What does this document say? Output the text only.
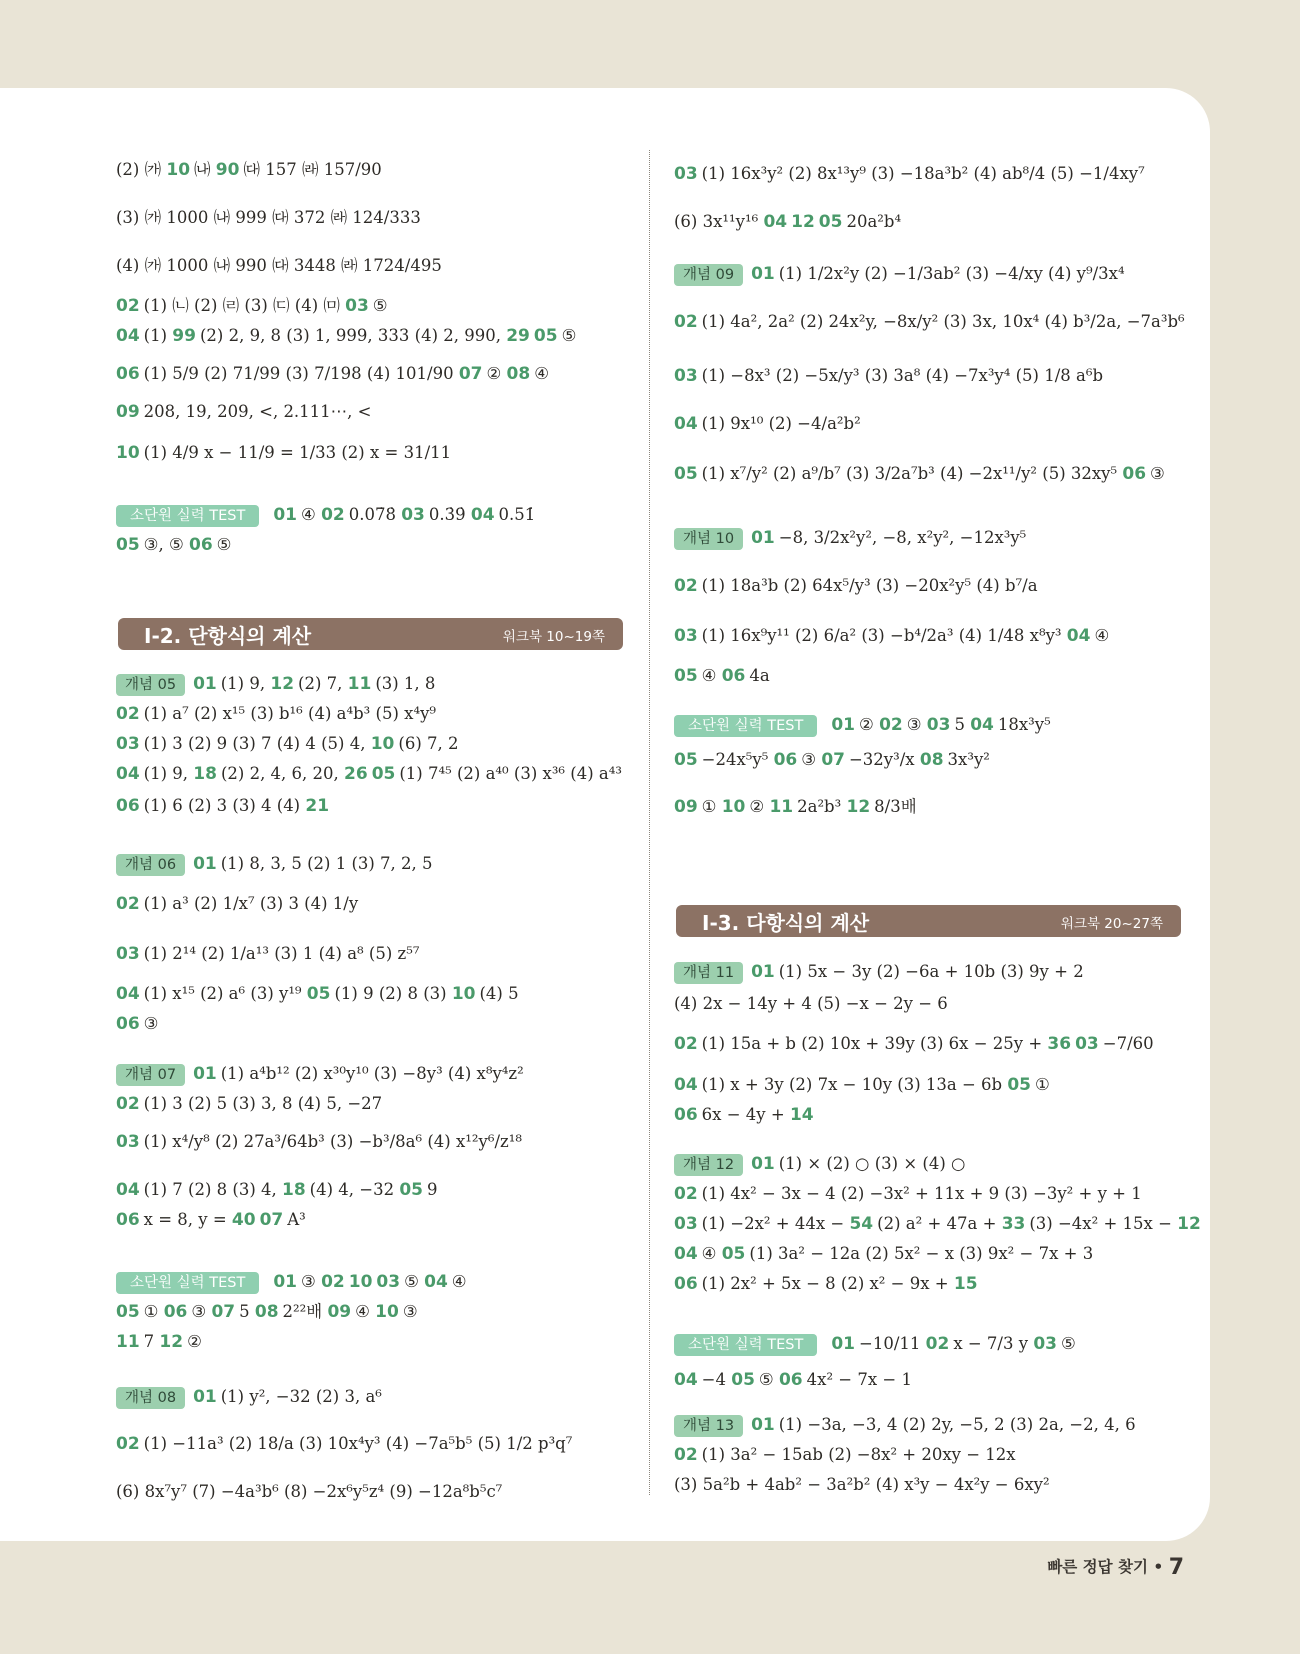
(2) ㈎ 10 ㈏ 90 ㈐ 157 ㈑ 157/90
(3) ㈎ 1000 ㈏ 999 ㈐ 372 ㈑ 124/333
(4) ㈎ 1000 ㈏ 990 ㈐ 3448 ㈑ 1724/495
02 (1) ㈁ (2) ㈃ (3) ㈂ (4) ㈄ 03 ⑤
04 (1) 99 (2) 2, 9, 8 (3) 1, 999, 333 (4) 2, 990, 29 05 ⑤
06 (1) 5/9 (2) 71/99 (3) 7/198 (4) 101/90 07 ② 08 ④
09 208, 19, 209, <, 2.111⋯, <
10 (1) 4/9 x − 11/9 = 1/33 (2) x = 31/11
소단원 실력 TEST 01 ④ 02 0.07̇8̇ 03 0.3̇9̇ 04 0.51̇
05 ③, ⑤ 06 ⑤
개념 05 01 (1) 9, 12 (2) 7, 11 (3) 1, 8
02 (1) a⁷ (2) x¹⁵ (3) b¹⁶ (4) a⁴b³ (5) x⁴y⁹
03 (1) 3 (2) 9 (3) 7 (4) 4 (5) 4, 10 (6) 7, 2
04 (1) 9, 18 (2) 2, 4, 6, 20, 26 05 (1) 7⁴⁵ (2) a⁴⁰ (3) x³⁶ (4) a⁴³
06 (1) 6 (2) 3 (3) 4 (4) 21
개념 06 01 (1) 8, 3, 5 (2) 1 (3) 7, 2, 5
02 (1) a³ (2) 1/x⁷ (3) 3 (4) 1/y
03 (1) 2¹⁴ (2) 1/a¹³ (3) 1 (4) a⁸ (5) z⁵⁷
04 (1) x¹⁵ (2) a⁶ (3) y¹⁹ 05 (1) 9 (2) 8 (3) 10 (4) 5
06 ③
개념 07 01 (1) a⁴b¹² (2) x³⁰y¹⁰ (3) −8y³ (4) x⁸y⁴z²
02 (1) 3 (2) 5 (3) 3, 8 (4) 5, −27
03 (1) x⁴/y⁸ (2) 27a³/64b³ (3) −b³/8a⁶ (4) x¹²y⁶/z¹⁸
04 (1) 7 (2) 8 (3) 4, 18 (4) 4, −32 05 9
06 x = 8, y = 40 07 A³
소단원 실력 TEST 01 ③ 02 10 03 ⑤ 04 ④
05 ① 06 ③ 07 5 08 2²²배 09 ④ 10 ③
11 7 12 ②
개념 08 01 (1) y², −32 (2) 3, a⁶
02 (1) −11a³ (2) 18/a (3) 10x⁴y³ (4) −7a⁵b⁵ (5) 1/2 p³q⁷
(6) 8x⁷y⁷ (7) −4a³b⁶ (8) −2x⁶y⁵z⁴ (9) −12a⁸b⁵c⁷
03 (1) 16x³y² (2) 8x¹³y⁹ (3) −18a³b² (4) ab⁸/4 (5) −1/4xy⁷
(6) 3x¹¹y¹⁶ 04 12 05 20a²b⁴
개념 09 01 (1) 1/2x²y (2) −1/3ab² (3) −4/xy (4) y⁹/3x⁴
02 (1) 4a², 2a² (2) 24x²y, −8x/y² (3) 3x, 10x⁴ (4) b³/2a, −7a³b⁶
03 (1) −8x³ (2) −5x/y³ (3) 3a⁸ (4) −7x³y⁴ (5) 1/8 a⁶b
04 (1) 9x¹⁰ (2) −4/a²b²
05 (1) x⁷/y² (2) a⁹/b⁷ (3) 3/2a⁷b³ (4) −2x¹¹/y² (5) 32xy⁵ 06 ③
개념 10 01 −8, 3/2x²y², −8, x²y², −12x³y⁵
02 (1) 18a³b (2) 64x⁵/y³ (3) −20x²y⁵ (4) b⁷/a
03 (1) 16x⁹y¹¹ (2) 6/a² (3) −b⁴/2a³ (4) 1/48 x⁸y³ 04 ④
05 ④ 06 4a
소단원 실력 TEST 01 ② 02 ③ 03 5 04 18x³y⁵
05 −24x⁵y⁵ 06 ③ 07 −32y³/x 08 3x³y²
09 ① 10 ② 11 2a²b³ 12 8/3배
개념 11 01 (1) 5x − 3y (2) −6a + 10b (3) 9y + 2
(4) 2x − 14y + 4 (5) −x − 2y − 6
02 (1) 15a + b (2) 10x + 39y (3) 6x − 25y + 36 03 −7/60
04 (1) x + 3y (2) 7x − 10y (3) 13a − 6b 05 ①
06 6x − 4y + 14
개념 12 01 (1) × (2) ○ (3) × (4) ○
02 (1) 4x² − 3x − 4 (2) −3x² + 11x + 9 (3) −3y² + y + 1
03 (1) −2x² + 44x − 54 (2) a² + 47a + 33 (3) −4x² + 15x − 12
04 ④ 05 (1) 3a² − 12a (2) 5x² − x (3) 9x² − 7x + 3
06 (1) 2x² + 5x − 8 (2) x² − 9x + 15
소단원 실력 TEST 01 −10/11 02 x − 7/3 y 03 ⑤
04 −4 05 ⑤ 06 4x² − 7x − 1
개념 13 01 (1) −3a, −3, 4 (2) 2y, −5, 2 (3) 2a, −2, 4, 6
02 (1) 3a² − 15ab (2) −8x² + 20xy − 12x
(3) 5a²b + 4ab² − 3a²b² (4) x³y − 4x²y − 6xy²
Ⅰ-2. 단항식의 계산	워크북 10~19쪽
Ⅰ-3. 다항식의 계산	워크북 20~27쪽
빠른 정답 찾기 • 7
